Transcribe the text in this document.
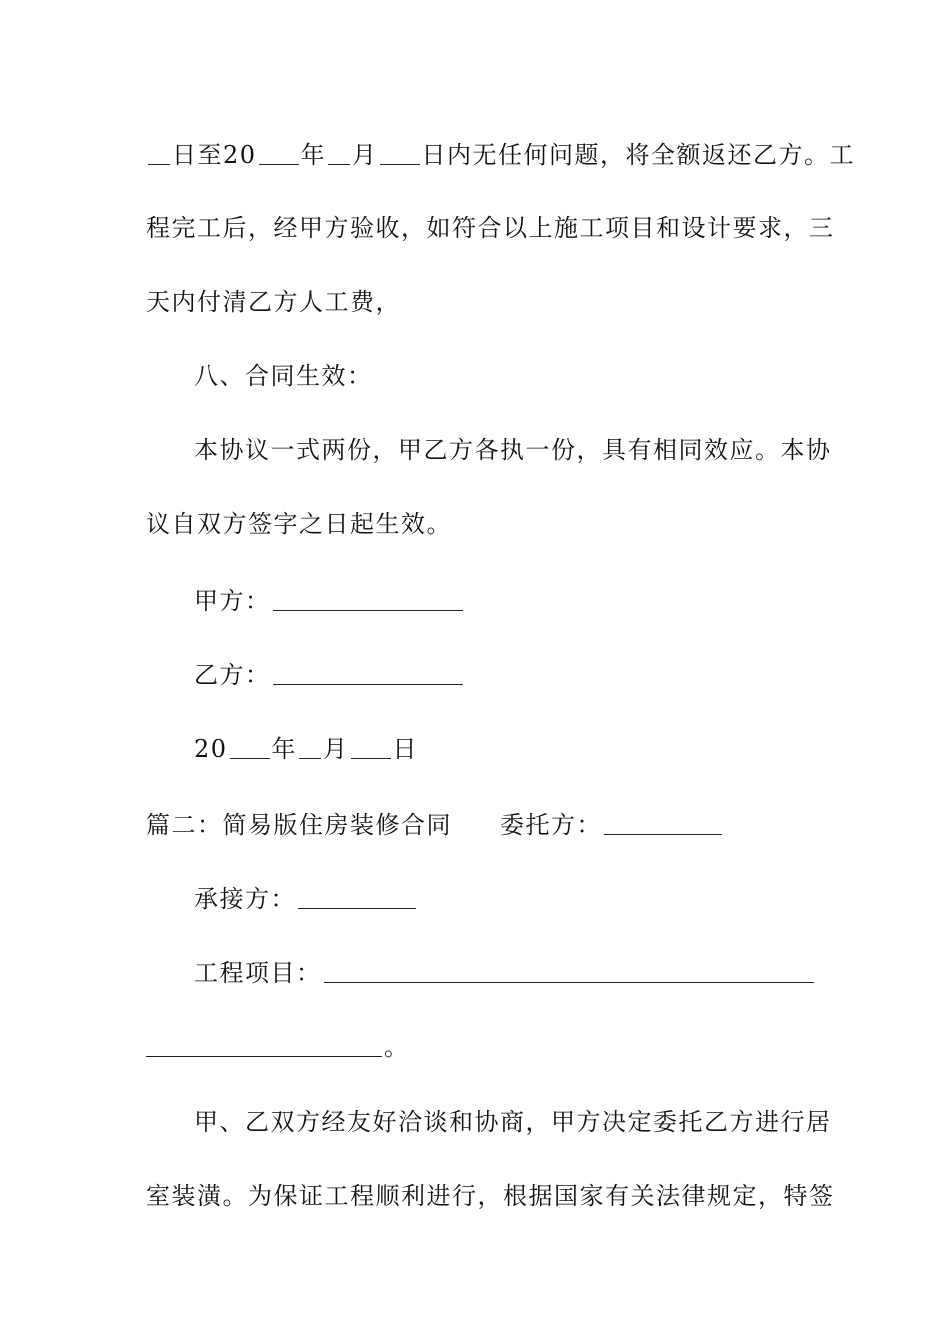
日至20 年 月 日内无任何问题，将全额返还乙方。工
程完工后，经甲方验收，如符合以上施工项目和设计要求，三
天内付清乙方人工费，
八、合同生效：
本协议一式两份，甲乙方各执一份，具有相同效应。本协
议自双方签字之日起生效。
甲方：
乙方：
20 年 月 日
篇二：简易版住房装修合同 委托方：
承接方：
工程项目：
。
甲、乙双方经友好洽谈和协商，甲方决定委托乙方进行居
室装潢。为保证工程顺利进行，根据国家有关法律规定，特签
